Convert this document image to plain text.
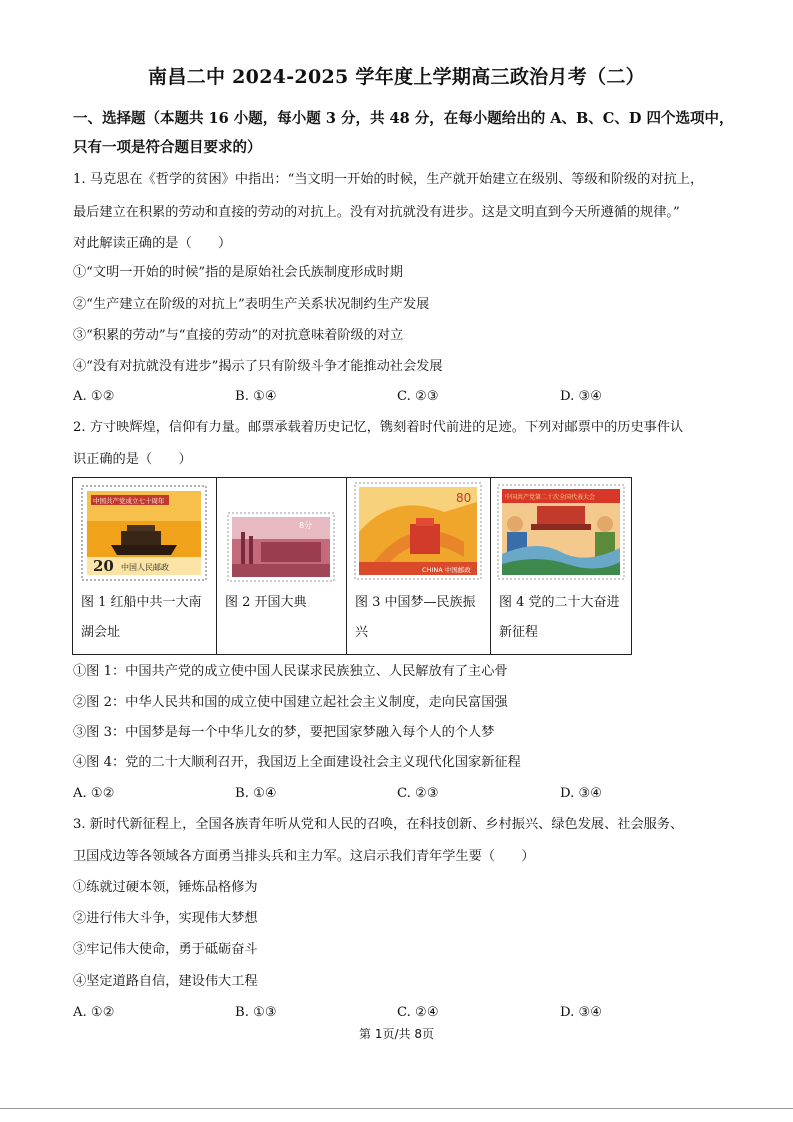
南昌二中 2024-2025 学年度上学期高三政治月考（二）
一、选择题（本题共 16 小题，每小题 3 分，共 48 分，在每小题给出的 A、B、C、D 四个选项中，
只有一项是符合题目要求的）
1. 马克思在《哲学的贫困》中指出：“当文明一开始的时候，生产就开始建立在级别、等级和阶级的对抗上，
最后建立在积累的劳动和直接的劳动的对抗上。没有对抗就没有进步。这是文明直到今天所遵循的规律。”
对此解读正确的是（　　）
①“文明一开始的时候”指的是原始社会氏族制度形成时期
②“生产建立在阶级的对抗上”表明生产关系状况制约生产发展
③“积累的劳动”与“直接的劳动”的对抗意味着阶级的对立
④“没有对抗就没有进步”揭示了只有阶级斗争才能推动社会发展
A. ①②	B. ①④	C. ②③	D. ③④
2. 方寸映辉煌，信仰有力量。邮票承载着历史记忆，镌刻着时代前进的足迹。下列对邮票中的历史事件认
识正确的是（　　）
中国共产党成立七十周年
20 中国人民邮政
图 1 红船中共一大南湖会址
8分
图 2 开国大典
80
CHINA 中国邮政
图 3 中国梦—民族振兴
中国共产党第二十次全国代表大会
图 4 党的二十大奋进新征程
①图 1：中国共产党的成立使中国人民谋求民族独立、人民解放有了主心骨
②图 2：中华人民共和国的成立使中国建立起社会主义制度，走向民富国强
③图 3：中国梦是每一个中华儿女的梦，要把国家梦融入每个人的个人梦
④图 4：党的二十大顺利召开，我国迈上全面建设社会主义现代化国家新征程
A. ①②	B. ①④	C. ②③	D. ③④
3. 新时代新征程上，全国各族青年听从党和人民的召唤，在科技创新、乡村振兴、绿色发展、社会服务、
卫国戍边等各领域各方面勇当排头兵和主力军。这启示我们青年学生要（　　）
①练就过硬本领，锤炼品格修为
②进行伟大斗争，实现伟大梦想
③牢记伟大使命，勇于砥砺奋斗
④坚定道路自信，建设伟大工程
A. ①②	B. ①③	C. ②④	D. ③④
第 1页/共 8页
